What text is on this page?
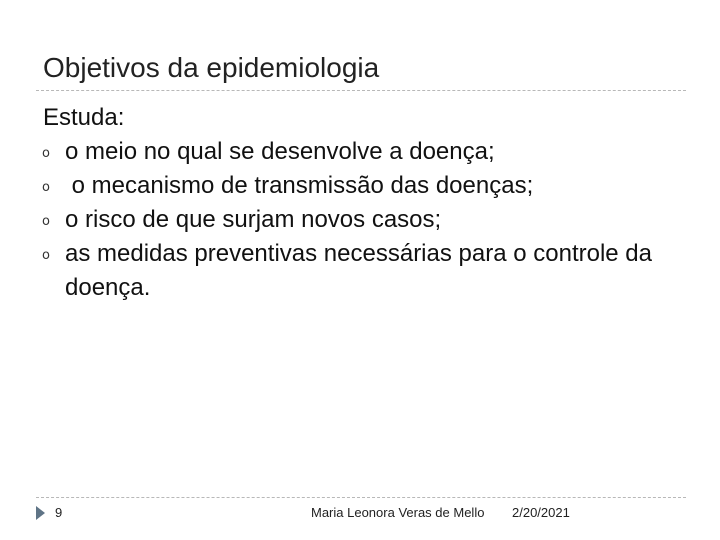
Objetivos da epidemiologia
Estuda:
o o meio no qual se desenvolve a doença;
o o mecanismo de transmissão das doenças;
o o risco de que surjam novos casos;
o as medidas preventivas necessárias para o controle da doença.
9	Maria Leonora Veras de Mello 2/20/2021
